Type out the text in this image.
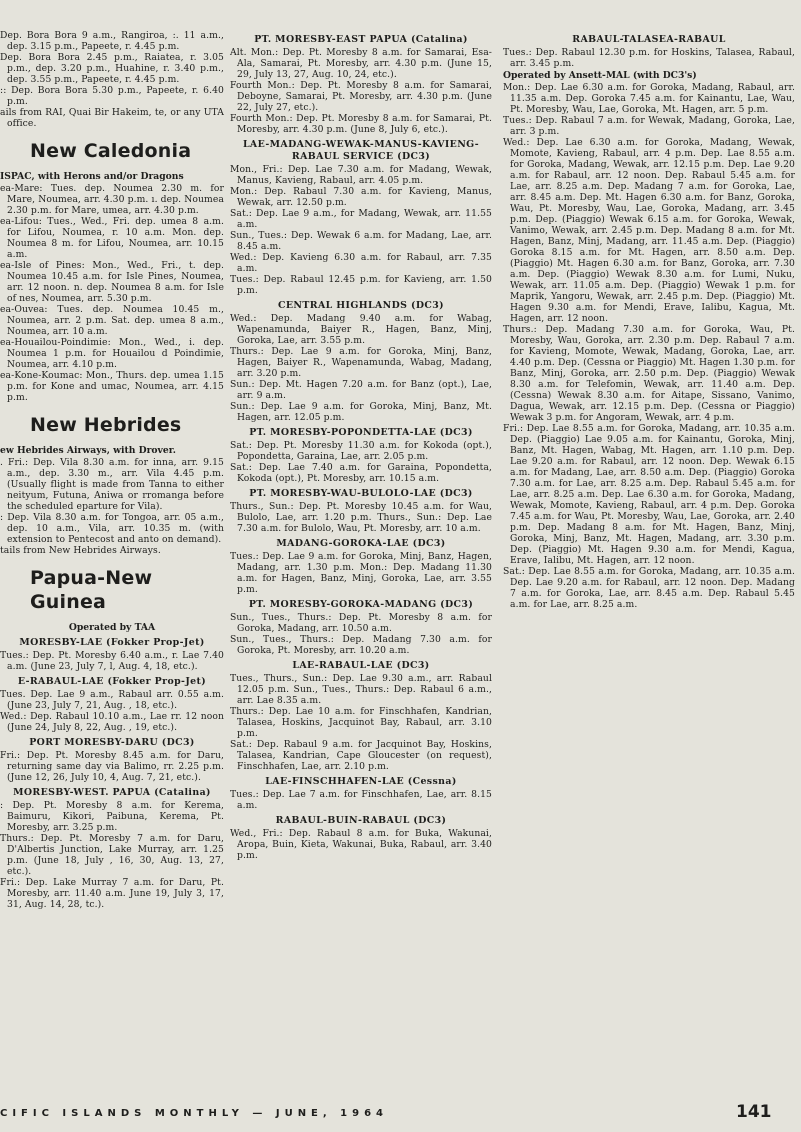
Dep. Bora Bora 9 a.m., Rangiroa, :. 11 a.m., dep. 3.15 p.m., Papeete, r. 4.45 p.m.
Dep. Bora Bora 2.45 p.m., Raiatea, r. 3.05 p.m., dep. 3.20 p.m., Huahine, r. 3.40 p.m., dep. 3.55 p.m., Papeete, r. 4.45 p.m.
:: Dep. Bora Bora 5.30 p.m., Papeete, r. 6.40 p.m.
ails from RAI, Quai Bir Hakeim, te, or any UTA office.
New Caledonia
ISPAC, with Herons and/or Dragons
ea-Mare: Tues. dep. Noumea 2.30 m. for Mare, Noumea, arr. 4.30 p.m. ı. dep. Noumea 2.30 p.m. for Mare, umea, arr. 4.30 p.m.
ea-Lifou: Tues., Wed., Fri. dep. umea 8 a.m. for Lifou, Noumea, r. 10 a.m. Mon. dep. Noumea 8 m. for Lifou, Noumea, arr. 10.15 a.m.
ea-Isle of Pines: Mon., Wed., Fri., t. dep. Noumea 10.45 a.m. for Isle Pines, Noumea, arr. 12 noon. n. dep. Noumea 8 a.m. for Isle of nes, Noumea, arr. 5.30 p.m.
ea-Ouvea: Tues. dep. Noumea 10.45 m., Noumea, arr. 2 p.m. Sat. dep. umea 8 a.m., Noumea, arr. 10 a.m.
ea-Houailou-Poindimie: Mon., Wed., i. dep. Noumea 1 p.m. for Houailou d Poindimie, Noumea, arr. 4.10 p.m.
ea-Kone-Koumac: Mon., Thurs. dep. umea 1.15 p.m. for Kone and umac, Noumea, arr. 4.15 p.m.
New Hebrides
ew Hebrides Airways, with Drover.
. Fri.: Dep. Vila 8.30 a.m. for inna, arr. 9.15 a.m., dep. 3.30 m., arr. Vila 4.45 p.m. (Usually flight is made from Tanna to either neityum, Futuna, Aniwa or rromanga before the scheduled eparture for Vila).
: Dep. Vila 8.30 a.m. for Tongoa, arr. 05 a.m., dep. 10 a.m., Vila, arr. 10.35 m. (with extension to Pentecost and anto on demand).
tails from New Hebrides Airways.
Papua-New Guinea
Operated by TAA
MORESBY-LAE (Fokker Prop-Jet)
Tues.: Dep. Pt. Moresby 6.40 a.m., r. Lae 7.40 a.m. (June 23, July 7, l, Aug. 4, 18, etc.).
E-RABAUL-LAE (Fokker Prop-Jet)
Tues. Dep. Lae 9 a.m., Rabaul arr. 0.55 a.m. (June 23, July 7, 21, Aug. , 18, etc.).
Wed.: Dep. Rabaul 10.10 a.m., Lae rr. 12 noon (June 24, July 8, 22, Aug. , 19, etc.).
PORT MORESBY-DARU (DC3)
Fri.: Dep. Pt. Moresby 8.45 a.m. for Daru, returning same day via Balimo, rr. 2.25 p.m. (June 12, 26, July 10, 4, Aug. 7, 21, etc.).
MORESBY-WEST. PAPUA (Catalina)
: Dep. Pt. Moresby 8 a.m. for Kerema, Baimuru, Kikori, Paibuna, Kerema, Pt. Moresby, arr. 3.25 p.m.
Thurs.: Dep. Pt. Moresby 7 a.m. for Daru, D'Albertis Junction, Lake Murray, arr. 1.25 p.m. (June 18, July , 16, 30, Aug. 13, 27, etc.).
Fri.: Dep. Lake Murray 7 a.m. for Daru, Pt. Moresby, arr. 11.40 a.m. June 19, July 3, 17, 31, Aug. 14, 28, tc.).
PT. MORESBY-EAST PAPUA (Catalina)
Alt. Mon.: Dep. Pt. Moresby 8 a.m. for Samarai, Esa-Ala, Samarai, Pt. Moresby, arr. 4.30 p.m. (June 15, 29, July 13, 27, Aug. 10, 24, etc.).
Fourth Mon.: Dep. Pt. Moresby 8 a.m. for Samarai, Deboyne, Samarai, Pt. Moresby, arr. 4.30 p.m. (June 22, July 27, etc.).
Fourth Mon.: Dep. Pt. Moresby 8 a.m. for Samarai, Pt. Moresby, arr. 4.30 p.m. (June 8, July 6, etc.).
LAE-MADANG-WEWAK-MANUS-KAVIENG-RABAUL SERVICE (DC3)
Mon., Fri.: Dep. Lae 7.30 a.m. for Madang, Wewak, Manus, Kavieng, Rabaul, arr. 4.05 p.m.
Mon.: Dep. Rabaul 7.30 a.m. for Kavieng, Manus, Wewak, arr. 12.50 p.m.
Sat.: Dep. Lae 9 a.m., for Madang, Wewak, arr. 11.55 a.m.
Sun., Tues.: Dep. Wewak 6 a.m. for Madang, Lae, arr. 8.45 a.m.
Wed.: Dep. Kavieng 6.30 a.m. for Rabaul, arr. 7.35 a.m.
Tues.: Dep. Rabaul 12.45 p.m. for Kavieng, arr. 1.50 p.m.
CENTRAL HIGHLANDS (DC3)
Wed.: Dep. Madang 9.40 a.m. for Wabag, Wapenamunda, Baiyer R., Hagen, Banz, Minj, Goroka, Lae, arr. 3.55 p.m.
Thurs.: Dep. Lae 9 a.m. for Goroka, Minj, Banz, Hagen, Baiyer R., Wapenamunda, Wabag, Madang, arr. 3.20 p.m.
Sun.: Dep. Mt. Hagen 7.20 a.m. for Banz (opt.), Lae, arr. 9 a.m.
Sun.: Dep. Lae 9 a.m. for Goroka, Minj, Banz, Mt. Hagen, arr. 12.05 p.m.
PT. MORESBY-POPONDETTA-LAE (DC3)
Sat.: Dep. Pt. Moresby 11.30 a.m. for Kokoda (opt.), Popondetta, Garaina, Lae, arr. 2.05 p.m.
Sat.: Dep. Lae 7.40 a.m. for Garaina, Popondetta, Kokoda (opt.), Pt. Moresby, arr. 10.15 a.m.
PT. MORESBY-WAU-BULOLO-LAE (DC3)
Thurs., Sun.: Dep. Pt. Moresby 10.45 a.m. for Wau, Bulolo, Lae, arr. 1.20 p.m. Thurs., Sun.: Dep. Lae 7.30 a.m. for Bulolo, Wau, Pt. Moresby, arr. 10 a.m.
MADANG-GOROKA-LAE (DC3)
Tues.: Dep. Lae 9 a.m. for Goroka, Minj, Banz, Hagen, Madang, arr. 1.30 p.m. Mon.: Dep. Madang 11.30 a.m. for Hagen, Banz, Minj, Goroka, Lae, arr. 3.55 p.m.
PT. MORESBY-GOROKA-MADANG (DC3)
Sun., Tues., Thurs.: Dep. Pt. Moresby 8 a.m. for Goroka, Madang, arr. 10.50 a.m.
Sun., Tues., Thurs.: Dep. Madang 7.30 a.m. for Goroka, Pt. Moresby, arr. 10.20 a.m.
LAE-RABAUL-LAE (DC3)
Tues., Thurs., Sun.: Dep. Lae 9.30 a.m., arr. Rabaul 12.05 p.m. Sun., Tues., Thurs.: Dep. Rabaul 6 a.m., arr. Lae 8.35 a.m.
Thurs.: Dep. Lae 10 a.m. for Finschhafen, Kandrian, Talasea, Hoskins, Jacquinot Bay, Rabaul, arr. 3.10 p.m.
Sat.: Dep. Rabaul 9 a.m. for Jacquinot Bay, Hoskins, Talasea, Kandrian, Cape Gloucester (on request), Finschhafen, Lae, arr. 2.10 p.m.
LAE-FINSCHHAFEN-LAE (Cessna)
Tues.: Dep. Lae 7 a.m. for Finschhafen, Lae, arr. 8.15 a.m.
RABAUL-BUIN-RABAUL (DC3)
Wed., Fri.: Dep. Rabaul 8 a.m. for Buka, Wakunai, Aropa, Buin, Kieta, Wakunai, Buka, Rabaul, arr. 3.40 p.m.
RABAUL-TALASEA-RABAUL
Tues.: Dep. Rabaul 12.30 p.m. for Hoskins, Talasea, Rabaul, arr. 3.45 p.m.
Operated by Ansett-MAL (with DC3's)
Mon.: Dep. Lae 6.30 a.m. for Goroka, Madang, Rabaul, arr. 11.35 a.m. Dep. Goroka 7.45 a.m. for Kainantu, Lae, Wau, Pt. Moresby, Wau, Lae, Goroka, Mt. Hagen, arr. 5 p.m.
Tues.: Dep. Rabaul 7 a.m. for Wewak, Madang, Goroka, Lae, arr. 3 p.m.
Wed.: Dep. Lae 6.30 a.m. for Goroka, Madang, Wewak, Momote, Kavieng, Rabaul, arr. 4 p.m. Dep. Lae 8.55 a.m. for Goroka, Madang, Wewak, arr. 12.15 p.m. Dep. Lae 9.20 a.m. for Rabaul, arr. 12 noon. Dep. Rabaul 5.45 a.m. for Lae, arr. 8.25 a.m. Dep. Madang 7 a.m. for Goroka, Lae, arr. 8.45 a.m. Dep. Mt. Hagen 6.30 a.m. for Banz, Goroka, Wau, Pt. Moresby, Wau, Lae, Goroka, Madang, arr. 3.45 p.m. Dep. (Piaggio) Wewak 6.15 a.m. for Goroka, Wewak, Vanimo, Wewak, arr. 2.45 p.m. Dep. Madang 8 a.m. for Mt. Hagen, Banz, Minj, Madang, arr. 11.45 a.m. Dep. (Piaggio) Goroka 8.15 a.m. for Mt. Hagen, arr. 8.50 a.m. Dep. (Piaggio) Mt. Hagen 6.30 a.m. for Banz, Goroka, arr. 7.30 a.m. Dep. (Piaggio) Wewak 8.30 a.m. for Lumi, Nuku, Wewak, arr. 11.05 a.m. Dep. (Piaggio) Wewak 1 p.m. for Maprik, Yangoru, Wewak, arr. 2.45 p.m. Dep. (Piaggio) Mt. Hagen 9.30 a.m. for Mendi, Erave, Ialibu, Kagua, Mt. Hagen, arr. 12 noon.
Thurs.: Dep. Madang 7.30 a.m. for Goroka, Wau, Pt. Moresby, Wau, Goroka, arr. 2.30 p.m. Dep. Rabaul 7 a.m. for Kavieng, Momote, Wewak, Madang, Goroka, Lae, arr. 4.40 p.m. Dep. (Cessna or Piaggio) Mt. Hagen 1.30 p.m. for Banz, Minj, Goroka, arr. 2.50 p.m. Dep. (Piaggio) Wewak 8.30 a.m. for Telefomin, Wewak, arr. 11.40 a.m. Dep. (Cessna) Wewak 8.30 a.m. for Aitape, Sissano, Vanimo, Dagua, Wewak, arr. 12.15 p.m. Dep. (Cessna or Piaggio) Wewak 3 p.m. for Angoram, Wewak, arr. 4 p.m.
Fri.: Dep. Lae 8.55 a.m. for Goroka, Madang, arr. 10.35 a.m. Dep. (Piaggio) Lae 9.05 a.m. for Kainantu, Goroka, Minj, Banz, Mt. Hagen, Wabag, Mt. Hagen, arr. 1.10 p.m. Dep. Lae 9.20 a.m. for Rabaul, arr. 12 noon. Dep. Wewak 6.15 a.m. for Madang, Lae, arr. 8.50 a.m. Dep. (Piaggio) Goroka 7.30 a.m. for Lae, arr. 8.25 a.m. Dep. Rabaul 5.45 a.m. for Lae, arr. 8.25 a.m. Dep. Lae 6.30 a.m. for Goroka, Madang, Wewak, Momote, Kavieng, Rabaul, arr. 4 p.m. Dep. Goroka 7.45 a.m. for Wau, Pt. Moresby, Wau, Lae, Goroka, arr. 2.40 p.m. Dep. Madang 8 a.m. for Mt. Hagen, Banz, Minj, Goroka, Minj, Banz, Mt. Hagen, Madang, arr. 3.30 p.m. Dep. (Piaggio) Mt. Hagen 9.30 a.m. for Mendi, Kagua, Erave, Ialibu, Mt. Hagen, arr. 12 noon.
Sat.: Dep. Lae 8.55 a.m. for Goroka, Madang, arr. 10.35 a.m. Dep. Lae 9.20 a.m. for Rabaul, arr. 12 noon. Dep. Madang 7 a.m. for Goroka, Lae, arr. 8.45 a.m. Dep. Rabaul 5.45 a.m. for Lae, arr. 8.25 a.m.
CIFIC ISLANDS MONTHLY — JUNE, 1964	141
